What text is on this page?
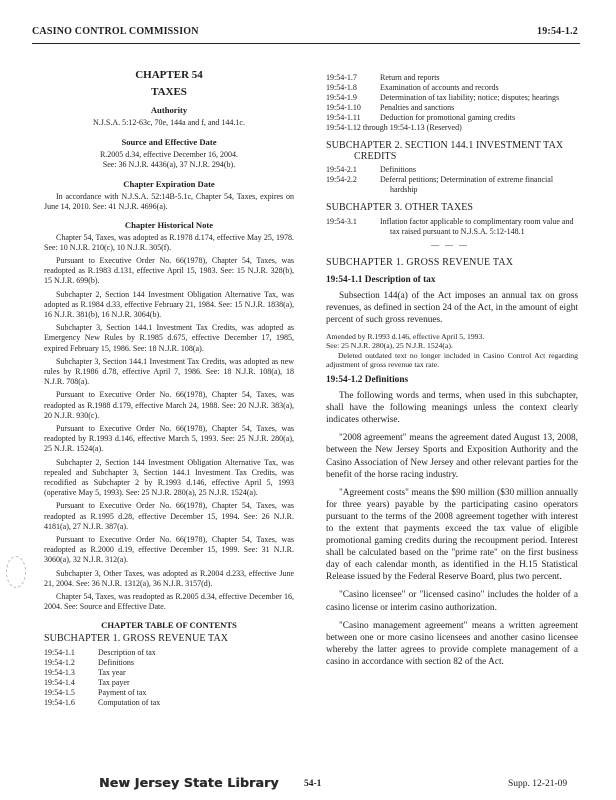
CASINO CONTROL COMMISSION	19:54-1.2
CHAPTER 54
TAXES
Authority
N.J.S.A. 5:12-63c, 70e, 144a and f, and 144.1c.
Source and Effective Date
R.2005 d.34, effective December 16, 2004.
See: 36 N.J.R. 4436(a), 37 N.J.R. 294(b).
Chapter Expiration Date
In accordance with N.J.S.A. 52:14B-5.1c, Chapter 54, Taxes, expires on June 14, 2010. See: 41 N.J.R. 4696(a).
Chapter Historical Note
Chapter 54, Taxes, was adopted as R.1978 d.174, effective May 25, 1978. See: 10 N.J.R. 210(c), 10 N.J.R. 305(f).
Pursuant to Executive Order No. 66(1978), Chapter 54, Taxes, was readopted as R.1983 d.131, effective April 15, 1983. See: 15 N.J.R. 328(b), 15 N.J.R. 699(b).
Subchapter 2, Section 144 Investment Obligation Alternative Tax, was adopted as R.1984 d.33, effective February 21, 1984. See: 15 N.J.R. 1838(a), 16 N.J.R. 381(b), 16 N.J.R. 3064(b).
Subchapter 3, Section 144.1 Investment Tax Credits, was adopted as Emergency New Rules by R.1985 d.675, effective December 17, 1985, expired February 15, 1986. See: 18 N.J.R. 108(a).
Subchapter 3, Section 144.1 Investment Tax Credits, was adopted as new rules by R.1986 d.78, effective April 7, 1986. See: 18 N.J.R. 108(a), 18 N.J.R. 708(a).
Pursuant to Executive Order No. 66(1978), Chapter 54, Taxes, was readopted as R.1988 d.179, effective March 24, 1988. See: 20 N.J.R. 383(a), 20 N.J.R. 930(c).
Pursuant to Executive Order No. 66(1978), Chapter 54, Taxes, was readopted by R.1993 d.146, effective March 5, 1993. See: 25 N.J.R. 280(a), 25 N.J.R. 1524(a).
Subchapter 2, Section 144 Investment Obligation Alternative Tax, was repealed and Subchapter 3, Section 144.1 Investment Tax Credits, was recodified as Subchapter 2 by R.1993 d.146, effective April 5, 1993 (operative May 5, 1993). See: 25 N.J.R. 280(a), 25 N.J.R. 1524(a).
Pursuant to Executive Order No. 66(1978), Chapter 54, Taxes, was readopted as R.1995 d.28, effective December 15, 1994. See: 26 N.J.R. 4181(a), 27 N.J.R. 387(a).
Pursuant to Executive Order No. 66(1978), Chapter 54, Taxes, was readopted as R.2000 d.19, effective December 15, 1999. See: 31 N.J.R. 3060(a), 32 N.J.R. 312(a).
Subchapter 3, Other Taxes, was adopted as R.2004 d.233, effective June 21, 2004. See: 36 N.J.R. 1312(a), 36 N.J.R. 3157(d).
Chapter 54, Taxes, was readopted as R.2005 d.34, effective December 16, 2004. See: Source and Effective Date.
CHAPTER TABLE OF CONTENTS
SUBCHAPTER 1. GROSS REVENUE TAX
19:54-1.1	Description of tax
19:54-1.2	Definitions
19:54-1.3	Tax year
19:54-1.4	Tax payer
19:54-1.5	Payment of tax
19:54-1.6	Computation of tax
19:54-1.7	Return and reports
19:54-1.8	Examination of accounts and records
19:54-1.9	Determination of tax liability; notice; disputes; hearings
19:54-1.10	Penalties and sanctions
19:54-1.11	Deduction for promotional gaming credits
19:54-1.12 through 19:54-1.13 (Reserved)
SUBCHAPTER 2. SECTION 144.1 INVESTMENT TAX CREDITS
19:54-2.1	Definitions
19:54-2.2	Deferral petitions; Determination of extreme financial hardship
SUBCHAPTER 3. OTHER TAXES
19:54-3.1	Inflation factor applicable to complimentary room value and tax raised pursuant to N.J.S.A. 5:12-148.1
———
SUBCHAPTER 1. GROSS REVENUE TAX
19:54-1.1 Description of tax
Subsection 144(a) of the Act imposes an annual tax on gross revenues, as defined in section 24 of the Act, in the amount of eight percent of such gross revenues.
Amended by R.1993 d.146, effective April 5, 1993.
See: 25 N.J.R. 280(a), 25 N.J.R. 1524(a).
Deleted outdated text no longer included in Casino Control Act regarding adjustment of gross revenue tax rate.
19:54-1.2 Definitions
The following words and terms, when used in this subchapter, shall have the following meanings unless the context clearly indicates otherwise.
"2008 agreement" means the agreement dated August 13, 2008, between the New Jersey Sports and Exposition Authority and the Casino Association of New Jersey and other relevant parties for the benefit of the horse racing industry.
"Agreement costs" means the $90 million ($30 million annually for three years) payable by the participating casino operators pursuant to the terms of the 2008 agreement together with interest to the extent that payments exceed the tax value of eligible promotional gaming credits during the recoupment period. Interest shall be calculated based on the "prime rate" on the first business day of each calendar month, as identified in the H.15 Statistical Release issued by the Federal Reserve Board, plus two percent.
"Casino licensee" or "licensed casino" includes the holder of a casino license or interim casino authorization.
"Casino management agreement" means a written agreement between one or more casino licensees and another casino licensee whereby the latter agrees to provide complete management of a casino in accordance with section 82 of the Act.
New Jersey State Library	54-1	Supp. 12-21-09
